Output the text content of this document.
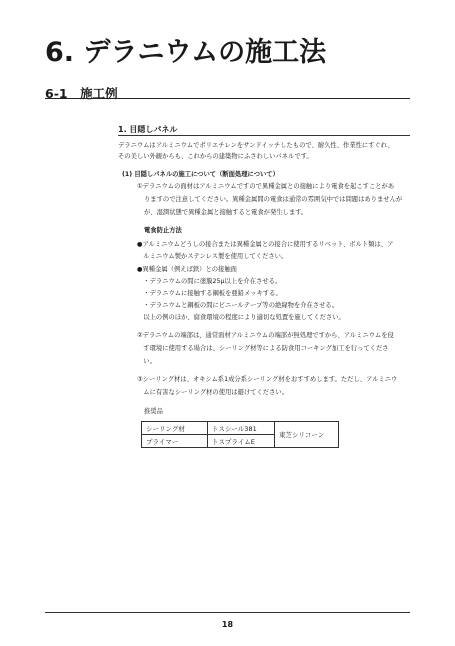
6. デラニウムの施工法
6-1　施工例
1. 目隠しパネル
デラニウムはアルミニウムでポリエチレンをサンドイッチしたもので、耐久性、作業性にすぐれ、
その美しい外観からも、これからの建築物にふさわしいパネルです。
(1) 目隠しパネルの施工について（断面処理について）
①デラニウムの面材はアルミニウムですので異種金属との接触により電食を起こすことがあ
りますので注意してください。異種金属間の電食は通常の雰囲気中では問題はありませんが
が、湿潤状態で異種金属と接触すると電食が発生します。
電食防止方法
●アルミニウムどうしの接合または異種金属との接合に使用するリベット、ボルト類は、ア
　ルミニウム製かステンレス製を使用してください。
●異種金属（例えば鉄）との接触面
　・デラニウムの間に塗膜25μ以上を介在させる。
　・デラニウムに接触する鋼板を亜鉛メッキする。
　・デラニウムと鋼板の間にビニールテープ等の絶縁物を介在させる。
　以上の例のほか、腐食環境の程度により適切な処置を施してください。
②デラニウムの端部は、通常面材アルミニウムの端部が無処理ですから、アルミニウムを侵
　す環境に使用する場合は、シーリング材等による防食用コーキング加工を行ってくださ
　い。
③シーリング材は、オキシム系1成分系シーリング材をおすすめします。ただし、アルミニウ
　ムに有害なシーリング材の使用は避けてください。
推奨品
シーリング材	トスシール381	東芝シリコーン
プライマー	トスプライムE	
18
